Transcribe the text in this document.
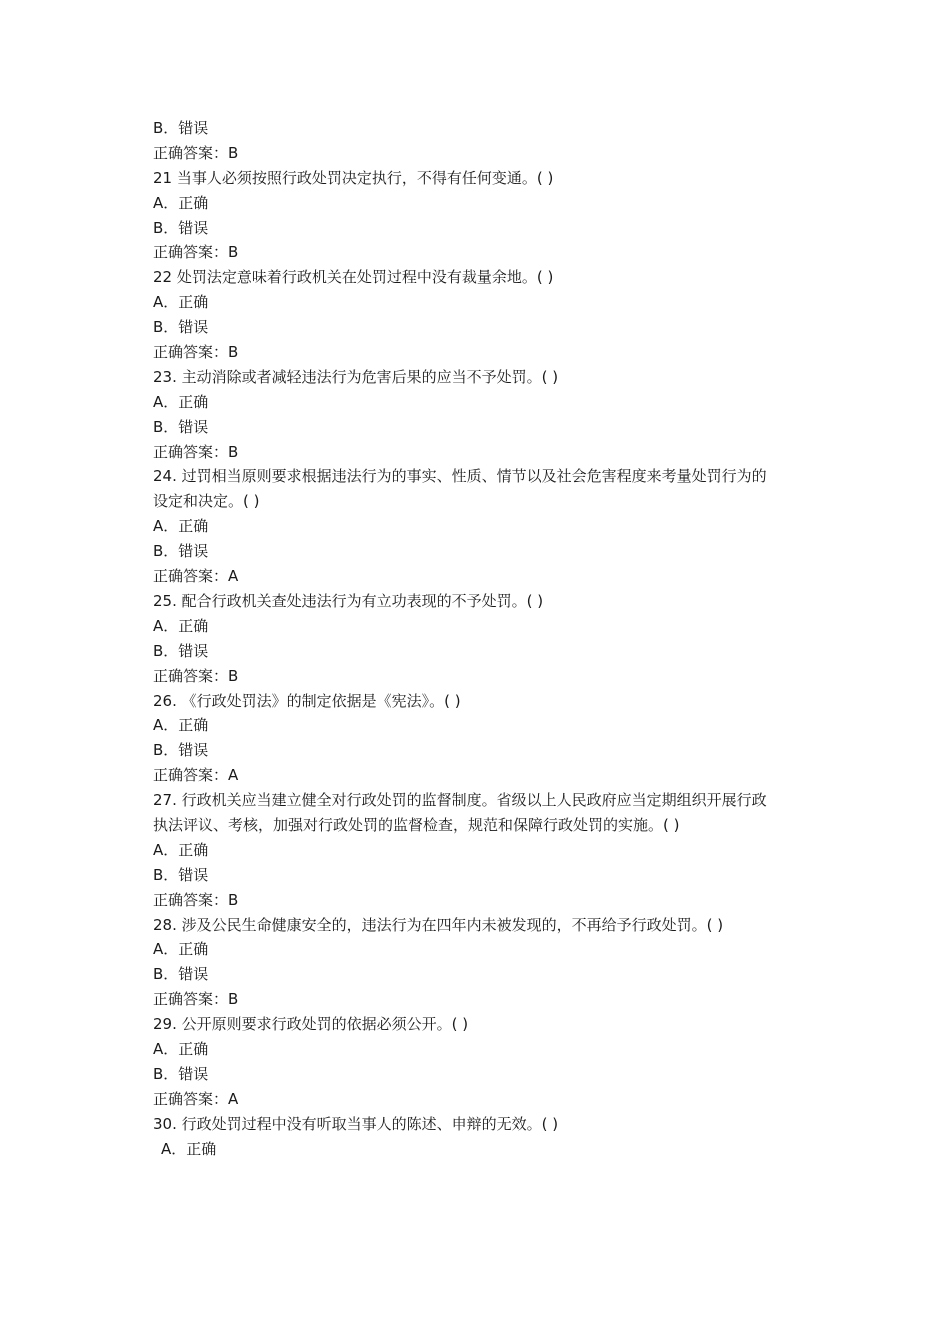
B．错误
正确答案：B
21 当事人必须按照行政处罚决定执行，不得有任何变通。( )
A．正确
B．错误
正确答案：B
22 处罚法定意味着行政机关在处罚过程中没有裁量余地。( )
A．正确
B．错误
正确答案：B
23. 主动消除或者减轻违法行为危害后果的应当不予处罚。( )
A．正确
B．错误
正确答案：B
24. 过罚相当原则要求根据违法行为的事实、性质、情节以及社会危害程度来考量处罚行为的设定和决定。( )
A．正确
B．错误
正确答案：A
25. 配合行政机关查处违法行为有立功表现的不予处罚。( )
A．正确
B．错误
正确答案：B
26. 《行政处罚法》的制定依据是《宪法》。( )
A．正确
B．错误
正确答案：A
27. 行政机关应当建立健全对行政处罚的监督制度。省级以上人民政府应当定期组织开展行政执法评议、考核，加强对行政处罚的监督检查，规范和保障行政处罚的实施。( )
A．正确
B．错误
正确答案：B
28. 涉及公民生命健康安全的，违法行为在四年内未被发现的，不再给予行政处罚。( )
A．正确
B．错误
正确答案：B
29. 公开原则要求行政处罚的依据必须公开。( )
A．正确
B．错误
正确答案：A
30. 行政处罚过程中没有听取当事人的陈述、申辩的无效。( )
A．正确
